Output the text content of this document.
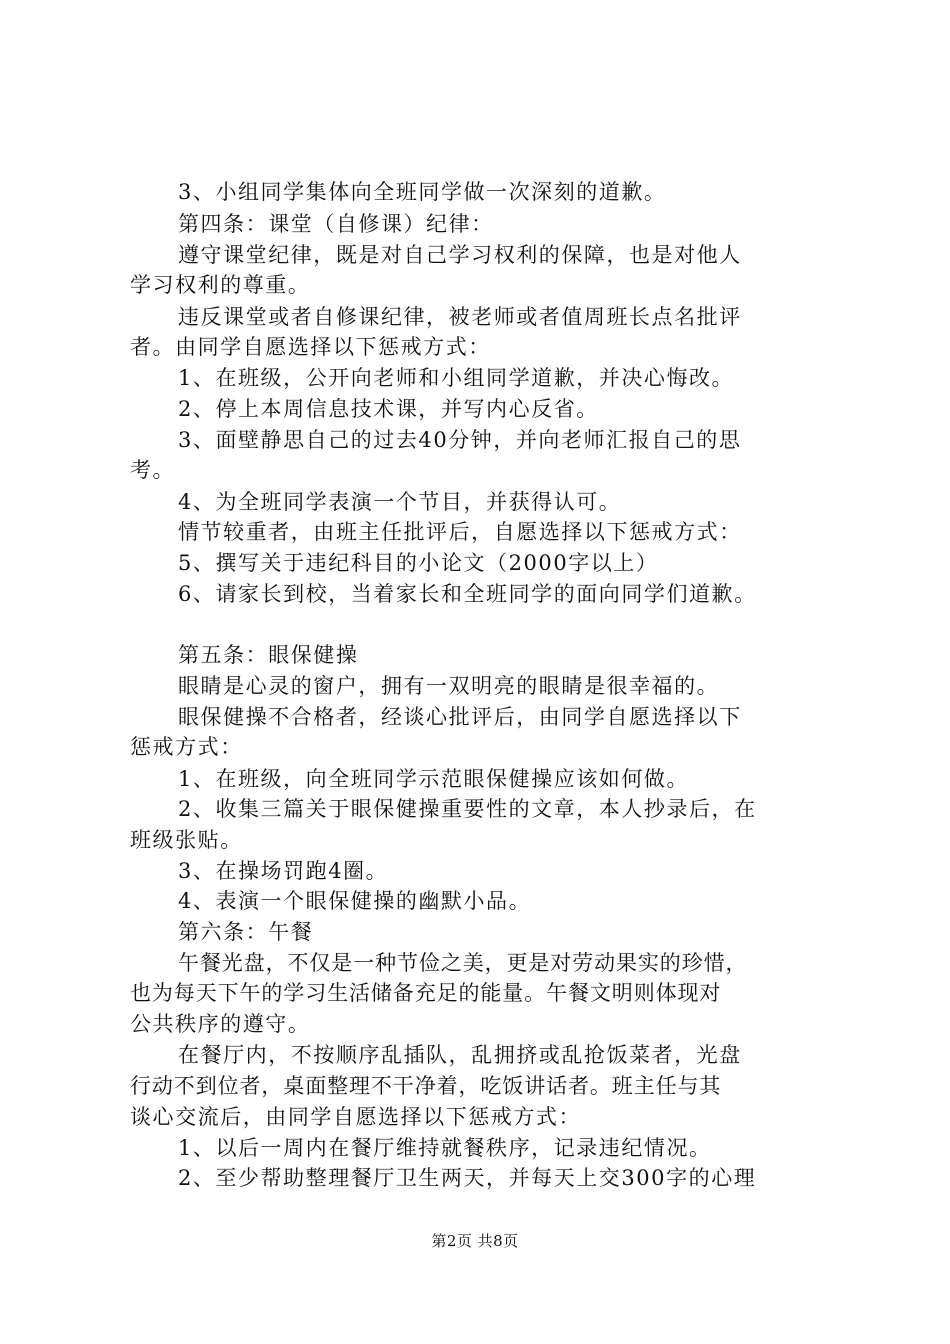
3、小组同学集体向全班同学做一次深刻的道歉。
第四条：课堂（自修课）纪律：
遵守课堂纪律，既是对自己学习权利的保障，也是对他人
学习权利的尊重。
违反课堂或者自修课纪律，被老师或者值周班长点名批评
者。由同学自愿选择以下惩戒方式：
1、在班级，公开向老师和小组同学道歉，并决心悔改。
2、停上本周信息技术课，并写内心反省。
3、面壁静思自己的过去40分钟，并向老师汇报自己的思
考。
4、为全班同学表演一个节目，并获得认可。
情节较重者，由班主任批评后，自愿选择以下惩戒方式：
5、撰写关于违纪科目的小论文（2000字以上）
6、请家长到校，当着家长和全班同学的面向同学们道歉。
第五条：眼保健操
眼睛是心灵的窗户，拥有一双明亮的眼睛是很幸福的。
眼保健操不合格者，经谈心批评后，由同学自愿选择以下
惩戒方式：
1、在班级，向全班同学示范眼保健操应该如何做。
2、收集三篇关于眼保健操重要性的文章，本人抄录后，在
班级张贴。
3、在操场罚跑4圈。
4、表演一个眼保健操的幽默小品。
第六条：午餐
午餐光盘，不仅是一种节俭之美，更是对劳动果实的珍惜，
也为每天下午的学习生活储备充足的能量。午餐文明则体现对
公共秩序的遵守。
在餐厅内，不按顺序乱插队，乱拥挤或乱抢饭菜者，光盘
行动不到位者，桌面整理不干净着，吃饭讲话者。班主任与其
谈心交流后，由同学自愿选择以下惩戒方式：
1、以后一周内在餐厅维持就餐秩序，记录违纪情况。
2、至少帮助整理餐厅卫生两天，并每天上交300字的心理
第2页 共8页
